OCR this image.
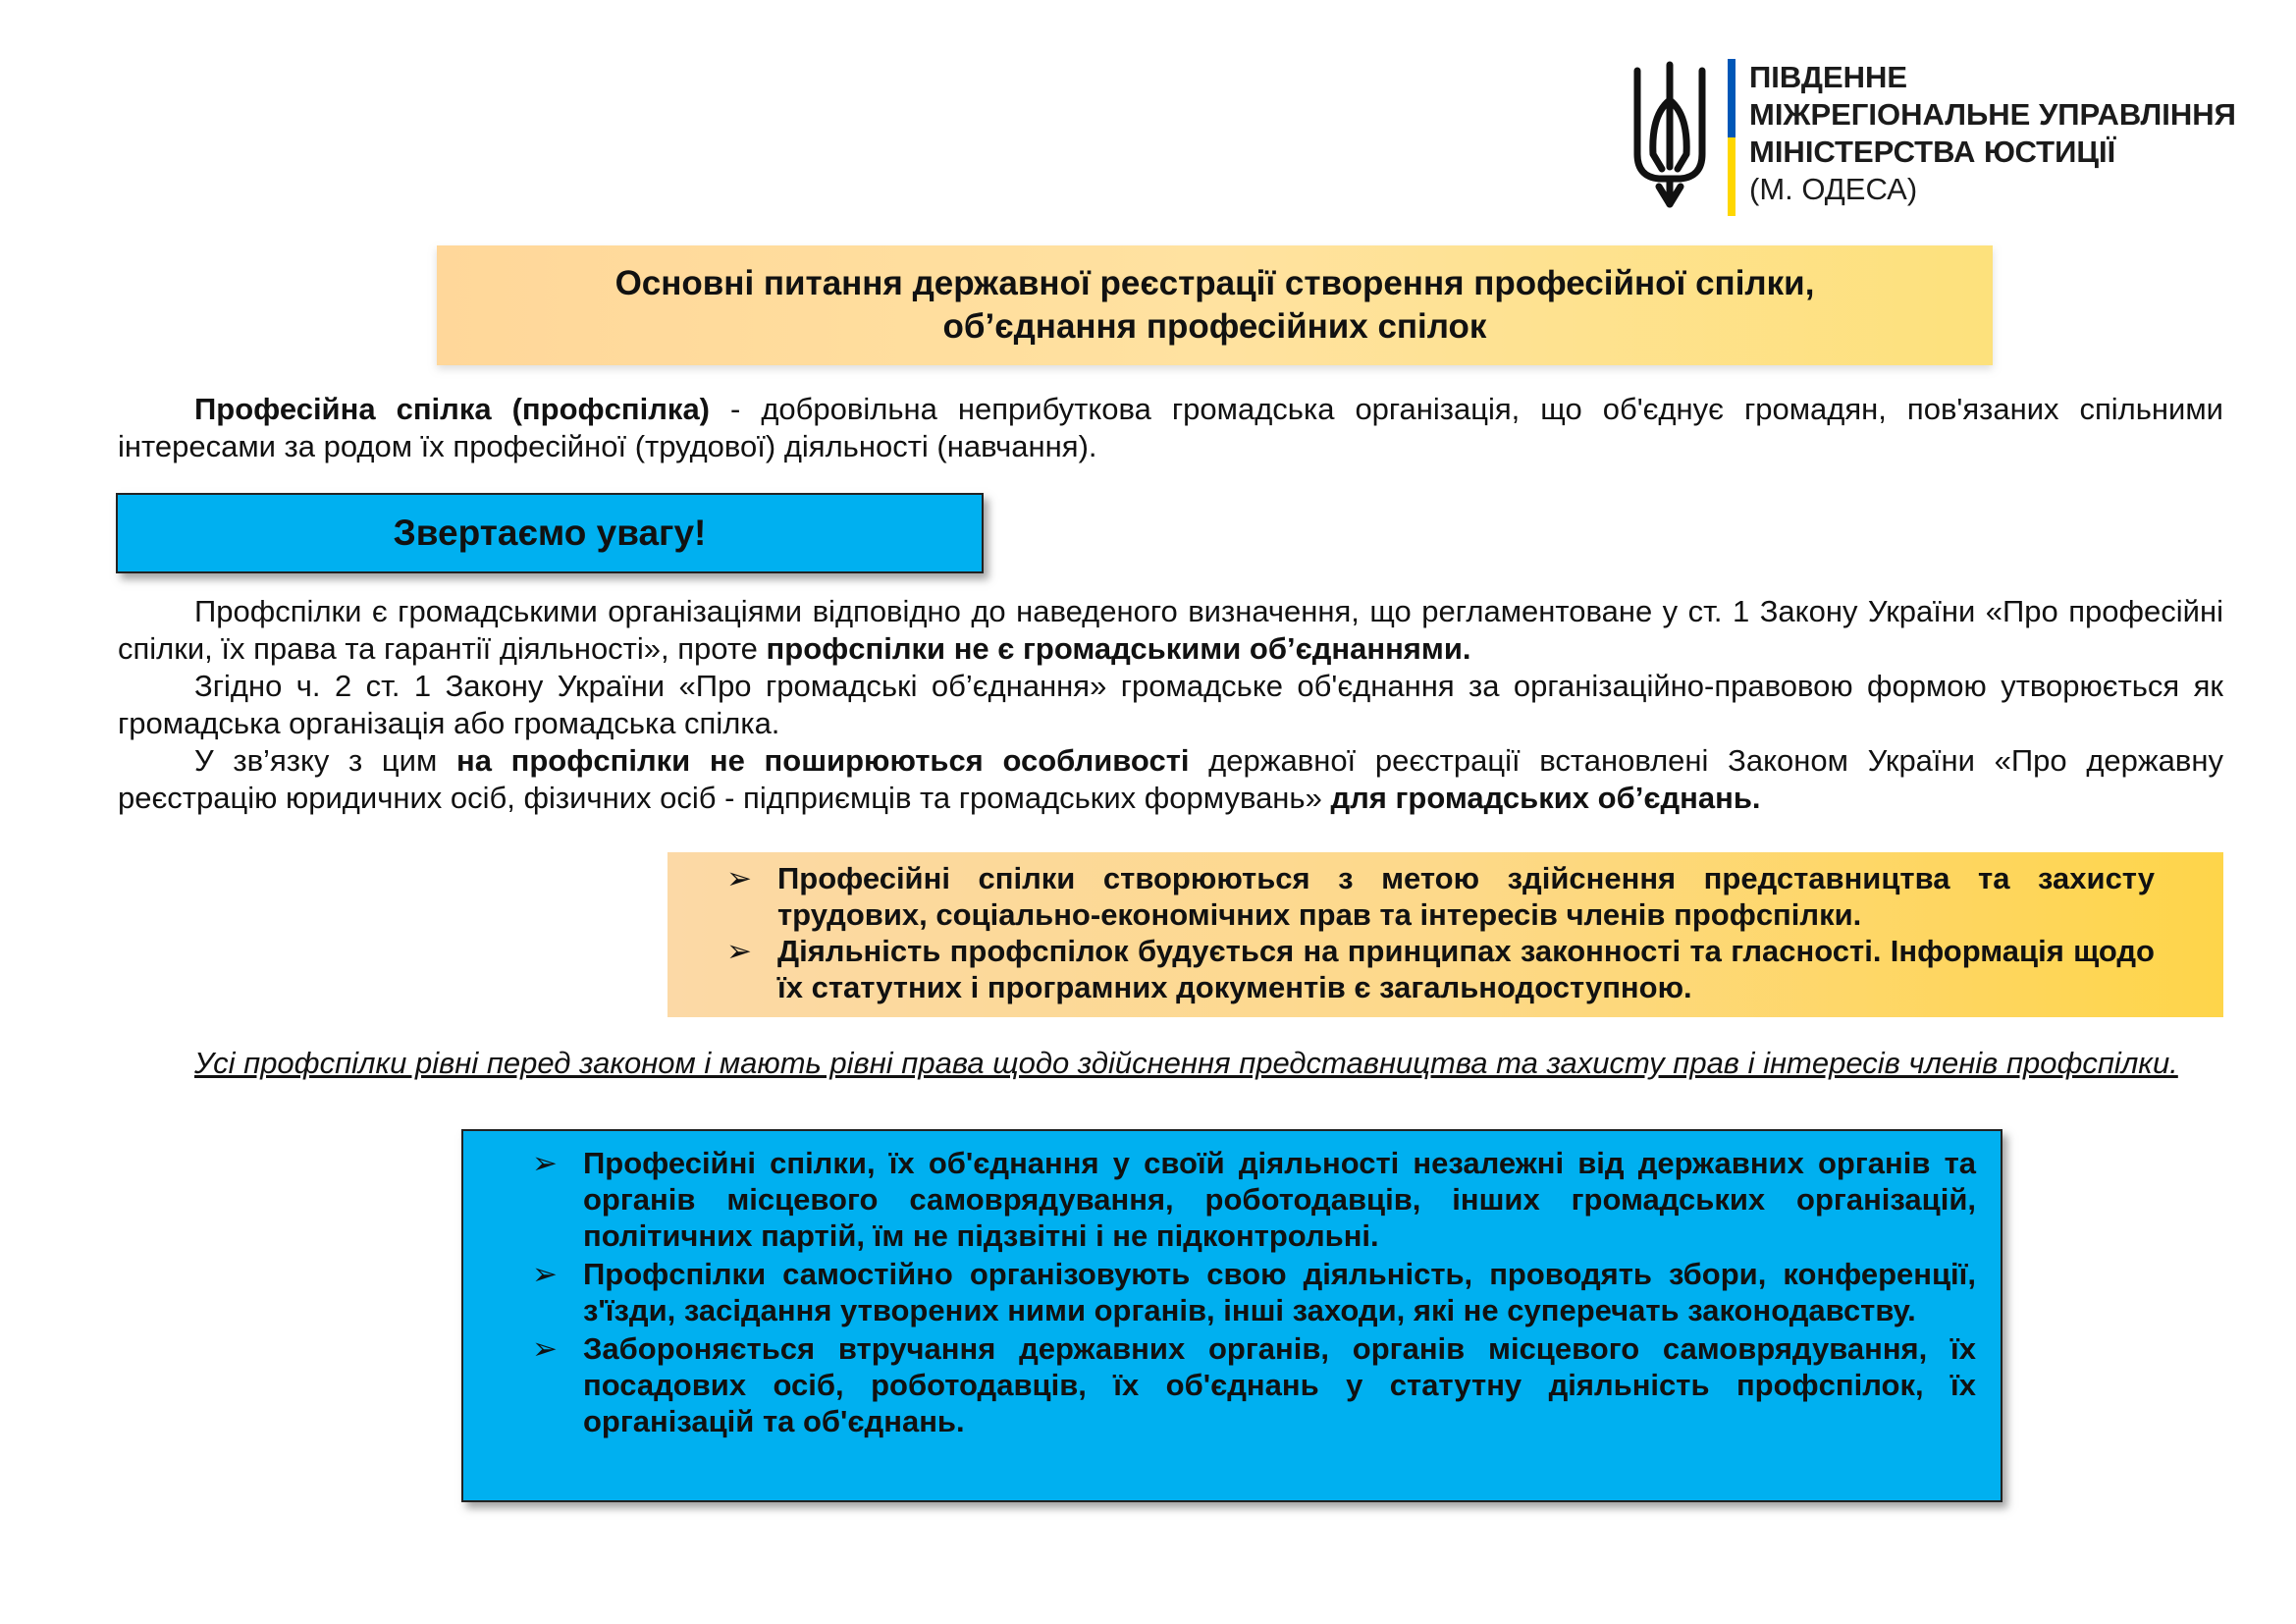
ПІВДЕННЕ
МІЖРЕГІОНАЛЬНЕ УПРАВЛІННЯ
МІНІСТЕРСТВА ЮСТИЦІЇ
(М. ОДЕСА)
Основні питання державної реєстрації створення професійної спілки,
об’єднання професійних спілок

Професійна спілка (профспілка) - добровільна неприбуткова громадська організація, що об'єднує громадян, пов'язаних спільними інтересами за родом їх професійної (трудової) діяльності (навчання).

Звертаємо увагу!

Профспілки є громадськими організаціями відповідно до наведеного визначення, що регламентоване у ст. 1 Закону України «Про професійні спілки, їх права та гарантії діяльності», проте профспілки не є громадськими об’єднаннями.

Згідно ч. 2 ст. 1 Закону України «Про громадські об’єднання» громадське об'єднання за організаційно-правовою формою утворюється як громадська організація або громадська спілка.

У зв’язку з цим на профспілки не поширюються особливості державної реєстрації встановлені Законом України «Про державну реєстрацію юридичних осіб, фізичних осіб - підприємців та громадських формувань» для громадських об’єднань.

➢ Професійні спілки створюються з метою здійснення представництва та захисту трудових, соціально-економічних прав та інтересів членів профспілки.
➢ Діяльність профспілок будується на принципах законності та гласності. Інформація щодо їх статутних і програмних документів є загальнодоступною.

Усі профспілки рівні перед законом і мають рівні права щодо здійснення представництва та захисту прав і інтересів членів профспілки.

➢ Професійні спілки, їх об'єднання у своїй діяльності незалежні від державних органів та органів місцевого самоврядування, роботодавців, інших громадських організацій, політичних партій, їм не підзвітні і не підконтрольні.
➢ Профспілки самостійно організовують свою діяльність, проводять збори, конференції, з'їзди, засідання утворених ними органів, інші заходи, які не суперечать законодавству.
➢ Забороняється втручання державних органів, органів місцевого самоврядування, їх посадових осіб, роботодавців, їх об'єднань у статутну діяльність профспілок, їх організацій та об'єднань.
